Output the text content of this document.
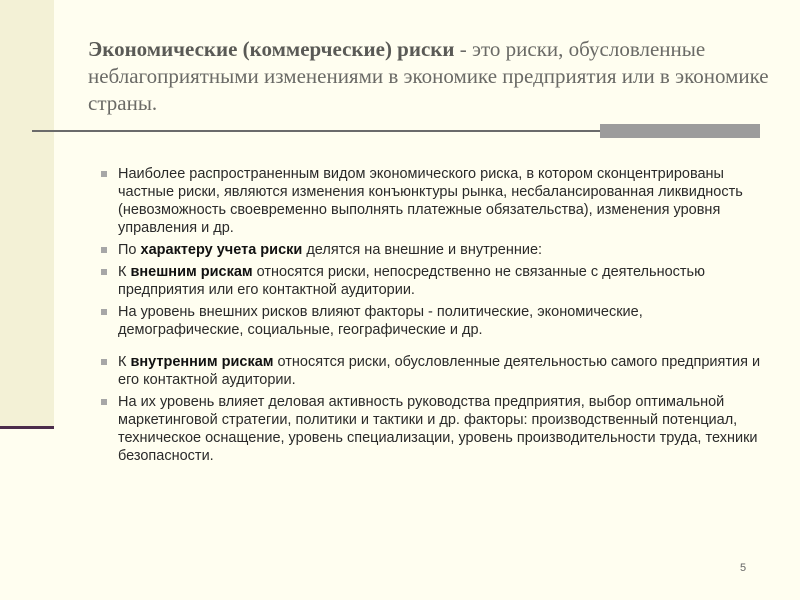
Экономические (коммерческие) риски - это риски, обусловленные неблагоприятными изменениями в экономике предприятия или в экономике страны.
Наиболее распространенным видом экономического риска, в котором сконцентрированы частные риски, являются изменения конъюнктуры рынка, несбалансированная ликвидность (невозможность своевременно выполнять платежные обязательства), изменения уровня управления и др.
По характеру учета риски делятся на внешние и внутренние:
К внешним рискам относятся риски, непосредственно не связанные с деятельностью предприятия или его контактной аудитории.
На уровень внешних рисков влияют факторы - политические, экономические, демографические, социальные, географические и др.
К внутренним рискам относятся риски, обусловленные деятельностью самого предприятия и его контактной аудитории.
На их уровень влияет деловая активность руководства предприятия, выбор оптимальной маркетинговой стратегии, политики и тактики и др. факторы: производственный потенциал, техническое оснащение, уровень специализации, уровень производительности труда, техники безопасности.
5
